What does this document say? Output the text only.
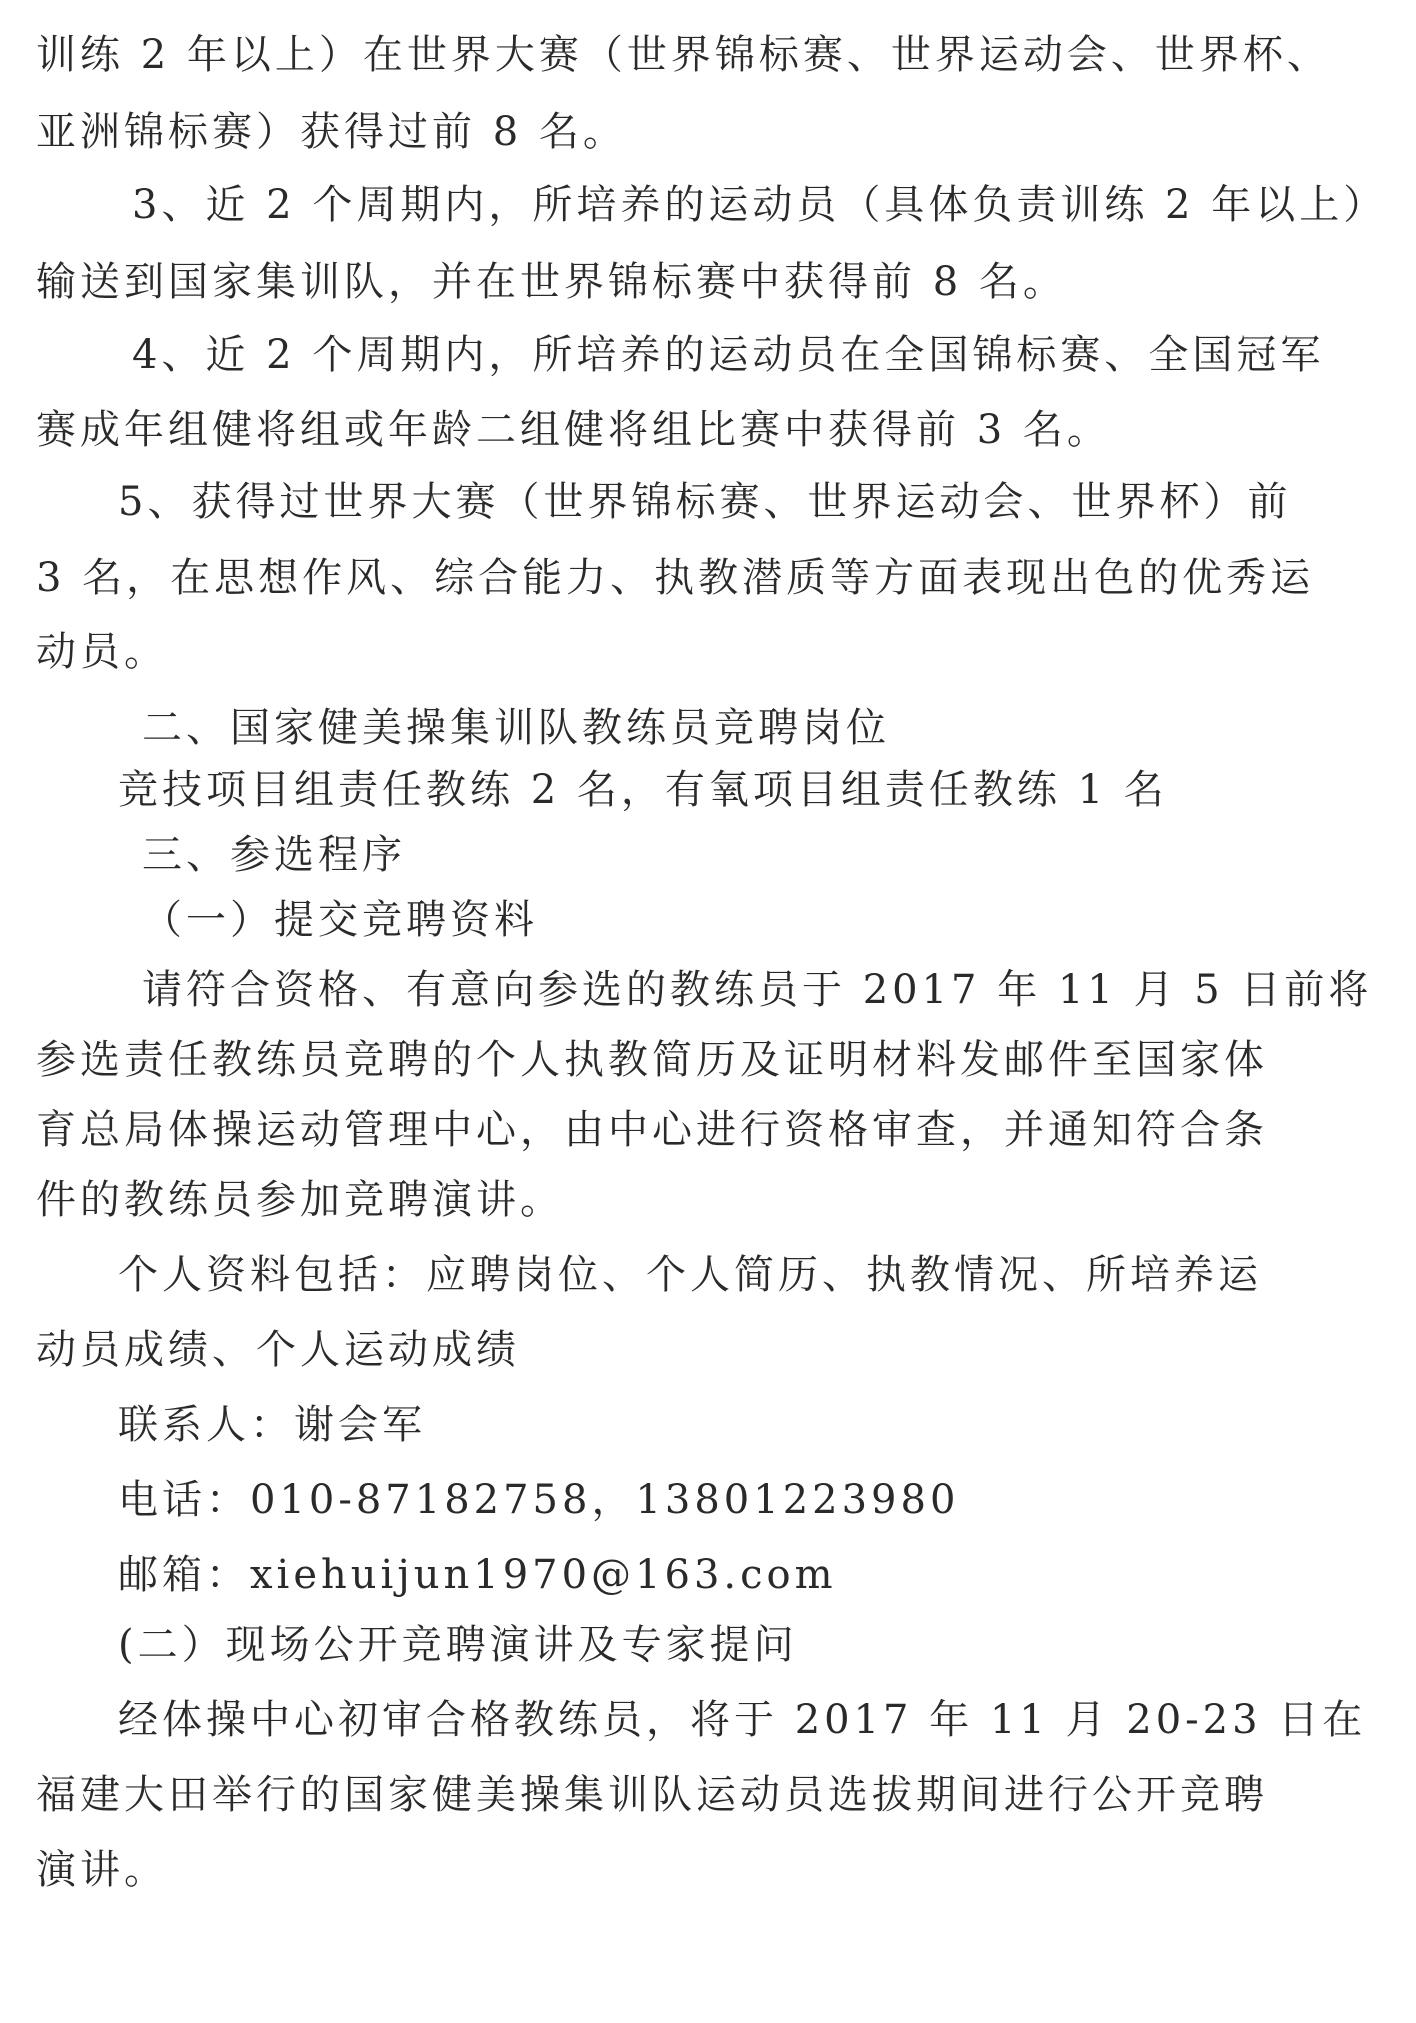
训练 2 年以上）在世界大赛（世界锦标赛、世界运动会、世界杯、
亚洲锦标赛）获得过前 8 名。
3、近 2 个周期内，所培养的运动员（具体负责训练 2 年以上）
输送到国家集训队，并在世界锦标赛中获得前 8 名。
4、近 2 个周期内，所培养的运动员在全国锦标赛、全国冠军
赛成年组健将组或年龄二组健将组比赛中获得前 3 名。
5、获得过世界大赛（世界锦标赛、世界运动会、世界杯）前
3 名，在思想作风、综合能力、执教潜质等方面表现出色的优秀运
动员。
二、国家健美操集训队教练员竞聘岗位
竞技项目组责任教练 2 名，有氧项目组责任教练 1 名
三、参选程序
（一）提交竞聘资料
请符合资格、有意向参选的教练员于 2017 年 11 月 5 日前将
参选责任教练员竞聘的个人执教简历及证明材料发邮件至国家体
育总局体操运动管理中心，由中心进行资格审查，并通知符合条
件的教练员参加竞聘演讲。
个人资料包括：应聘岗位、个人简历、执教情况、所培养运
动员成绩、个人运动成绩
联系人：谢会军
电话：010-87182758，13801223980
邮箱：xiehuijun1970@163.com
(二）现场公开竞聘演讲及专家提问
经体操中心初审合格教练员，将于 2017 年 11 月 20-23 日在
福建大田举行的国家健美操集训队运动员选拔期间进行公开竞聘
演讲。
